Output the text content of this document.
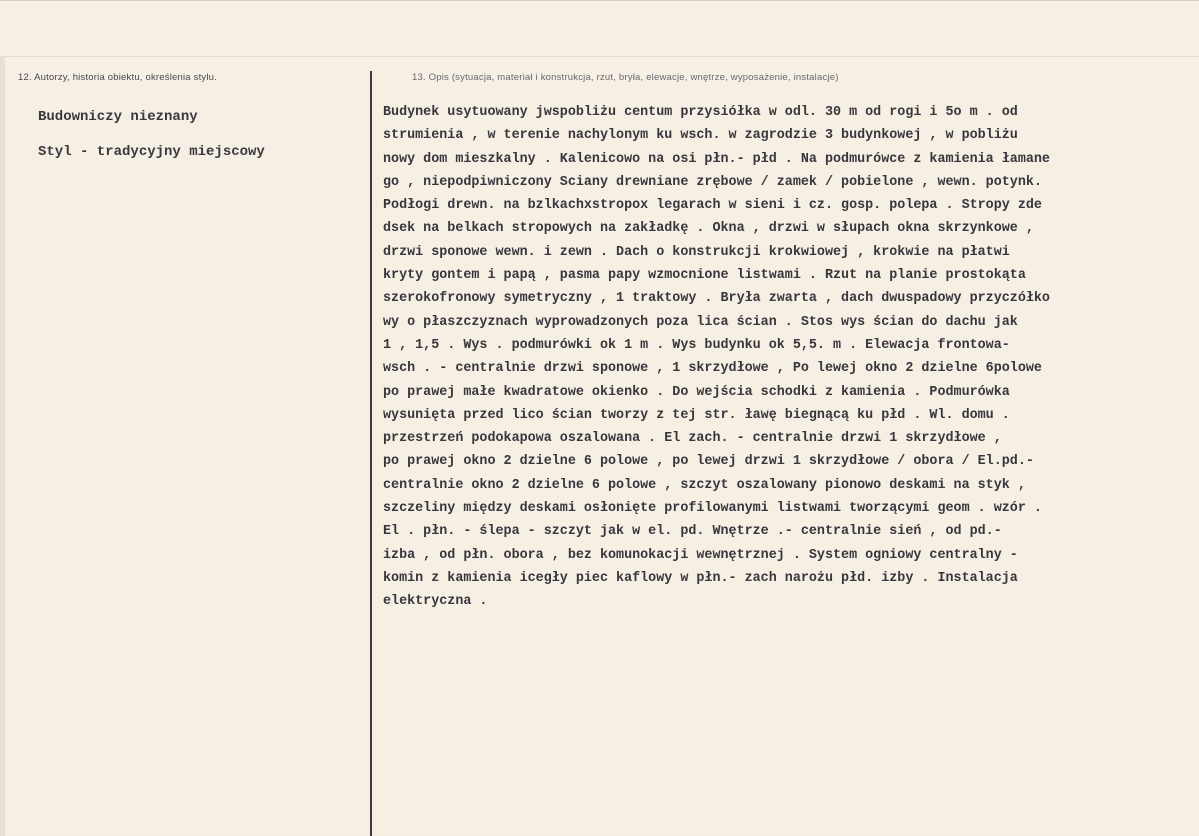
12. Autorzy, historia obiektu, określenia stylu.	13. Opis (sytuacja, materiał i konstrukcja, rzut, bryła, elewacje, wnętrze, wyposażenie, instalacje)
Budowniczy nieznany
Styl - tradycyjny miejscowy
Budynek usytuowany jwspobliżu centum przysiółka w odl. 30 m od rogi i 5o m . od
strumienia , w terenie nachylonym ku wsch. w zagrodzie 3 budynkowej , w pobliżu
nowy dom mieszkalny . Kalenicowo na osi płn.- płd . Na podmurówce z kamienia łamane
go , niepodpiwniczony Sciany drewniane zrębowe / zamek / pobielone , wewn. potynk.
Podłogi drewn. na bzlkachxstropox legarach w sieni i cz. gosp. polepa . Stropy zde
dsek na belkach stropowych na zakładkę . Okna , drzwi w słupach okna skrzynkowe ,
drzwi sponowe wewn. i zewn . Dach o konstrukcji krokwiowej , krokwie na płatwi
kryty gontem i papą , pasma papy wzmocnione listwami . Rzut na planie prostokąta
szerokofronowy symetryczny , 1 traktowy . Bryła zwarta , dach dwuspadowy przyczółko
wy o płaszczyznach wyprowadzonych poza lica ścian . Stos wys ścian do dachu jak
1 , 1,5 . Wys . podmurówki ok 1 m . Wys budynku ok 5,5. m . Elewacja frontowa-
wsch . - centralnie drzwi sponowe , 1 skrzydłowe , Po lewej okno 2 dzielne 6polowe
po prawej małe kwadratowe okienko . Do wejścia schodki z kamienia . Podmurówka
wysunięta przed lico ścian tworzy z tej str. ławę biegnącą ku płd . Wl. domu .
przestrzeń podokapowa oszalowana . El zach. - centralnie drzwi 1 skrzydłowe ,
po prawej okno 2 dzielne 6 polowe , po lewej drzwi 1 skrzydłowe / obora / El.pd.-
centralnie okno 2 dzielne 6 polowe , szczyt oszalowany pionowo deskami na styk ,
szczeliny między deskami osłonięte profilowanymi listwami tworzącymi geom . wzór .
El . płn. - ślepa - szczyt jak w el. pd. Wnętrze .- centralnie sień , od pd.-
izba , od płn. obora , bez komunokacji wewnętrznej . System ogniowy centralny -
komin z kamienia icegły piec kaflowy w płn.- zach narożu płd. izby . Instalacja
elektryczna .
